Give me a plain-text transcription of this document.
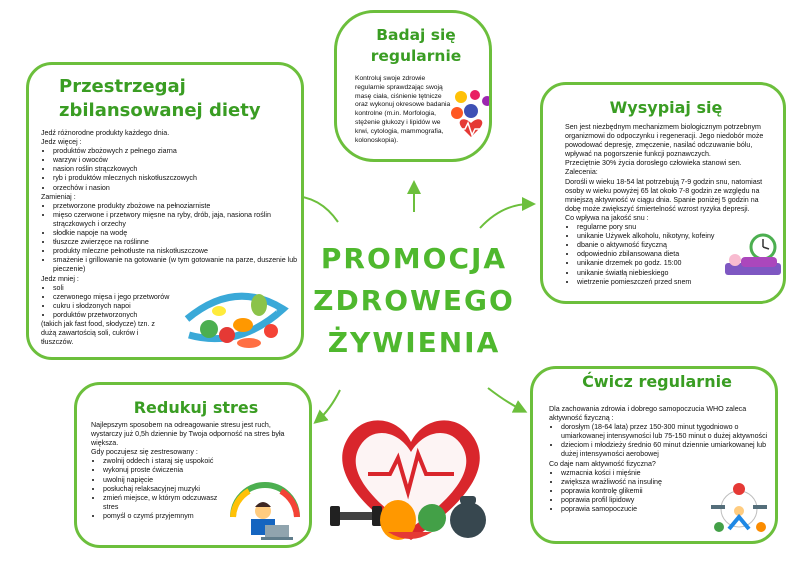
Przestrzegaj zbilansowanej diety

Jedź różnorodne produkty każdego dnia.

Jedz więcej :

• produktów zbożowych z pełnego ziarna
• warzyw i owoców
• nasion roślin strączkowych
• ryb i produktów mlecznych niskotłuszczowych
• orzechów i nasion

Zamieniaj :

• przetworzone produkty zbożowe na pełnoziarniste
• mięso czerwone i przetwory mięsne na ryby, drób, jaja, nasiona roślin strączkowych i orzechy
• słodkie napoje na wodę
• tłuszcze zwierzęce na roślinne
• produkty mleczne pełnotłuste na niskotłuszczowe
• smażenie i grillowanie na gotowanie (w tym gotowanie na parze, duszenie lub pieczenie)

Jedz mniej :

• soli
• czerwonego mięsa i jego przetworów
• cukru i słodzonych napoi
• porduktów przetworzonych

(takich jak fast food, słodycze) tzn. z dużą zawartością soli, cukrów i tłuszczów.

Badaj się regularnie
Kontroluj swoje zdrowie regularnie sprawdzając swoją masę ciała, ciśnienie tętnicze oraz wykonuj okresowe badania kontrolne (m.in. Morfologia, stężenie glukozy i lipidów we krwi, cytologia, mammografia, kolonoskopia).
Wysypiaj się

Sen jest niezbędnym mechanizmem biologicznym potrzebnym organizmowi do odpoczynku i regeneracji. Jego niedobór może powodować depresję, zmęczenie, nasilać odczuwanie bólu, wpływać na pogorszenie funkcji poznawczych.

Przeciętnie 30% życia dorosłego człowieka stanowi sen.

Zalecenia:

Dorośli w wieku 18-54 lat potrzebują 7-9 godzin snu, natomiast osoby w wieku powyżej 65 lat około 7-8 godzin ze względu na mniejszą aktywność w ciągu dnia. Spanie poniżej 5 godzin na dobę może zwiększyć śmiertelność wzrost ryzyka depresji.

Co wpływa na jakość snu :

• regularne pory snu
• unikanie Używek alkoholu, nikotyny, kofeiny
• dbanie o aktywność fizyczną
• odpowiednio zbilansowana dieta
• unikanie drzemek po godz. 15:00
• unikanie światłą niebieskiego
• wietrzenie pomieszczeń przed snem
Redukuj stres

Najlepszym sposobem na odreagowanie stresu jest ruch, wystarczy już 0,5h dziennie by Twoja odporność na stres była większa.

Gdy poczujesz się zestresowany :

• zwolnij oddech i staraj się uspokoić
• wykonuj proste ćwiczenia
• uwolnij napięcie
• posłuchaj relaksacyjnej muzyki
• zmień miejsce, w którym odczuwasz stres
• pomyśl o czymś przyjemnym
Ćwicz regularnie

Dla zachowania zdrowia i dobrego samopoczucia WHO zaleca aktywność fizyczną :

• dorosłym (18-64 lata) przez 150-300 minut tygodniowo o umiarkowanej intensywności lub 75-150 minut o dużej aktywności
• dzieciom i młodzieży średnio 60 minut dziennie umiarkowanej lub dużej intensywności aerobowej

Co daje nam aktywność fizyczna?

• wzmacnia kości i mięśnie
• zwiększa wrażliwość na insulinę
• poprawia kontrolę glikemii
• poprawia profil lipidowy
• poprawia samopoczucie
PROMOCJA
ZDROWEGO
ŻYWIENIA
